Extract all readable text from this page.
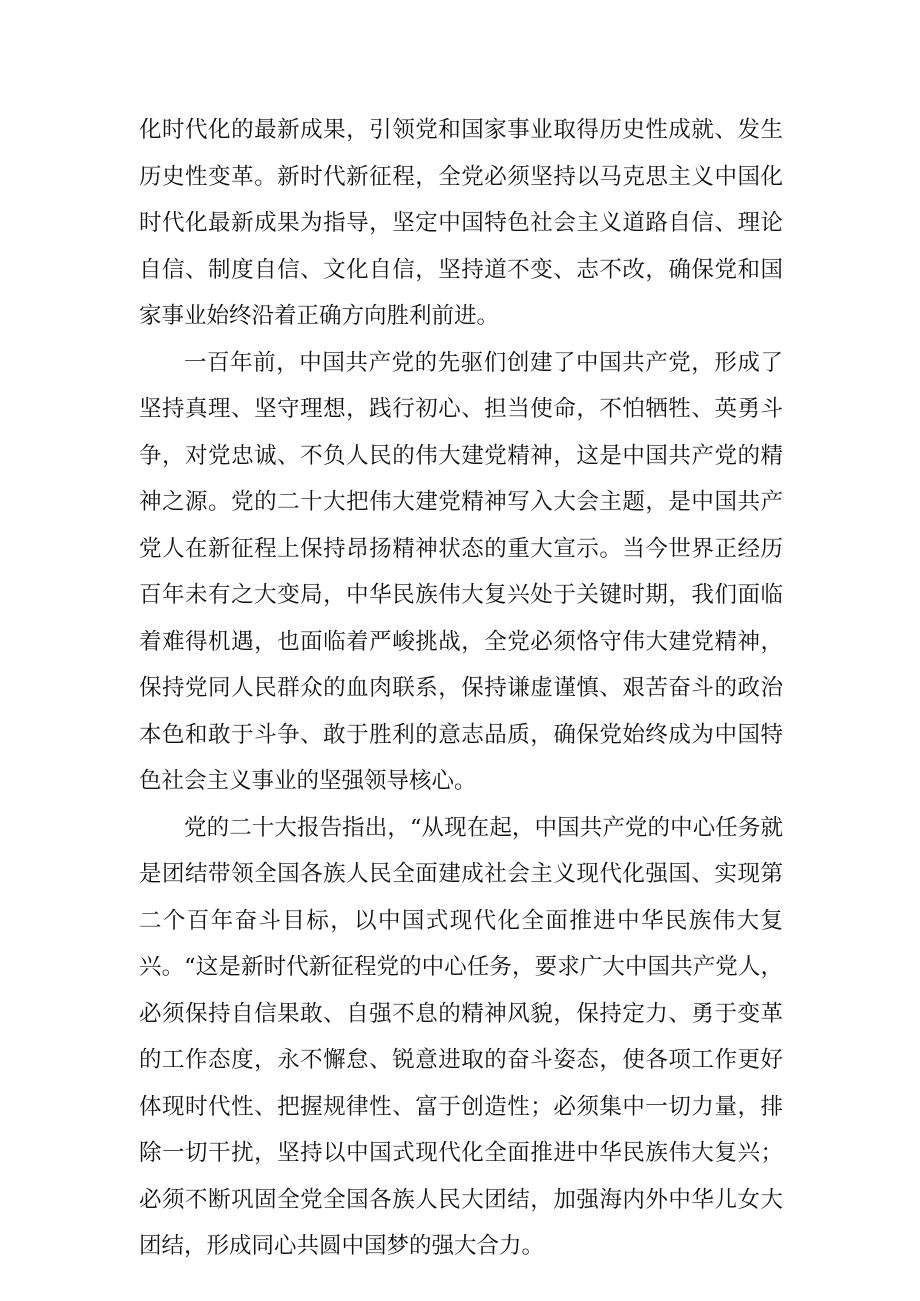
化时代化的最新成果，引领党和国家事业取得历史性成就、发生历史性变革。新时代新征程，全党必须坚持以马克思主义中国化时代化最新成果为指导，坚定中国特色社会主义道路自信、理论自信、制度自信、文化自信，坚持道不变、志不改，确保党和国家事业始终沿着正确方向胜利前进。

一百年前，中国共产党的先驱们创建了中国共产党，形成了坚持真理、坚守理想，践行初心、担当使命，不怕牺牲、英勇斗争，对党忠诚、不负人民的伟大建党精神，这是中国共产党的精神之源。党的二十大把伟大建党精神写入大会主题，是中国共产党人在新征程上保持昂扬精神状态的重大宣示。当今世界正经历百年未有之大变局，中华民族伟大复兴处于关键时期，我们面临着难得机遇，也面临着严峻挑战，全党必须恪守伟大建党精神，保持党同人民群众的血肉联系，保持谦虚谨慎、艰苦奋斗的政治本色和敢于斗争、敢于胜利的意志品质，确保党始终成为中国特色社会主义事业的坚强领导核心。

党的二十大报告指出，“从现在起，中国共产党的中心任务就是团结带领全国各族人民全面建成社会主义现代化强国、实现第二个百年奋斗目标，以中国式现代化全面推进中华民族伟大复兴。“这是新时代新征程党的中心任务，要求广大中国共产党人，必须保持自信果敢、自强不息的精神风貌，保持定力、勇于变革的工作态度，永不懈怠、锐意进取的奋斗姿态，使各项工作更好体现时代性、把握规律性、富于创造性；必须集中一切力量，排除一切干扰，坚持以中国式现代化全面推进中华民族伟大复兴；必须不断巩固全党全国各族人民大团结，加强海内外中华儿女大团结，形成同心共圆中国梦的强大合力。
